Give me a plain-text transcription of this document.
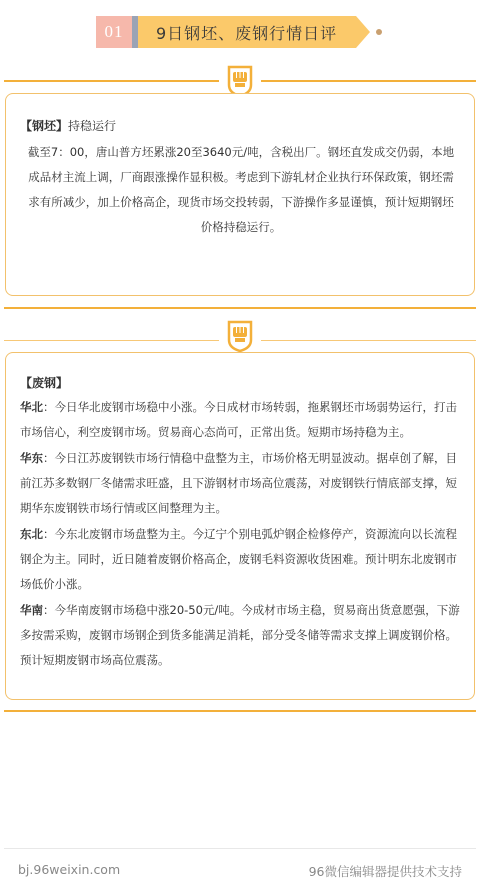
01	9日钢坯、废钢行情日评
【钢坯】持稳运行

截至7：00，唐山普方坯累涨20至3640元/吨，含税出厂。钢坯直发成交仍弱，本地成品材主流上调，厂商跟涨操作显积极。考虑到下游轧材企业执行环保政策，钢坯需求有所减少，加上价格高企，现货市场交投转弱，下游操作多显谨慎，预计短期钢坯价格持稳运行。

【废钢】

华北：今日华北废钢市场稳中小涨。今日成材市场转弱，拖累钢坯市场弱势运行，打击市场信心，利空废钢市场。贸易商心态尚可，正常出货。短期市场持稳为主。

华东：今日江苏废钢铁市场行情稳中盘整为主，市场价格无明显波动。据卓创了解，目前江苏多数钢厂冬储需求旺盛，且下游钢材市场高位震荡，对废钢铁行情底部支撑，短期华东废钢铁市场行情或区间整理为主。

东北：今东北废钢市场盘整为主。今辽宁个别电弧炉钢企检修停产，资源流向以长流程钢企为主。同时，近日随着废钢价格高企，废钢毛料资源收货困难。预计明东北废钢市场低价小涨。

华南：今华南废钢市场稳中涨20-50元/吨。今成材市场主稳，贸易商出货意愿强，下游多按需采购，废钢市场钢企到货多能满足消耗，部分受冬储等需求支撑上调废钢价格。预计短期废钢市场高位震荡。

bj.96weixin.com	96微信编辑器提供技术支持
